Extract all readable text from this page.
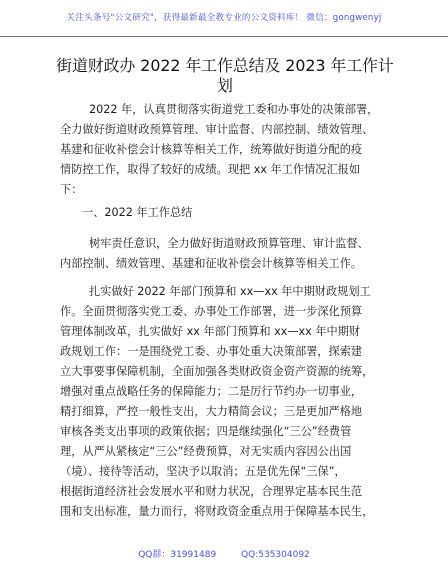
关注头条号"公文研究"，获得最新最全教专业的公文资料库！ 微信：gongwenyj
街道财政办 2022 年工作总结及 2023 年工作计
划
2022 年，认真贯彻落实街道党工委和办事处的决策部署，
全力做好街道财政预算管理、审计监督、内部控制、绩效管理、
基建和征收补偿会计核算等相关工作，统筹做好街道分配的疫
情防控工作，取得了较好的成绩。现把 xx 年工作情况汇报如
下：
一、2022 年工作总结
树牢责任意识，全力做好街道财政预算管理、审计监督、
内部控制、绩效管理、基建和征收补偿会计核算等相关工作。
扎实做好 2022 年部门预算和 xx—xx 年中期财政规划工
作。全面贯彻落实党工委、办事处工作部署，进一步深化预算
管理体制改革，扎实做好 xx 年部门预算和 xx—xx 年中期财
政规划工作：一是围绕党工委、办事处重大决策部署，探索建
立大事要事保障机制，全面加强各类财政资金资产资源的统筹，
增强对重点战略任务的保障能力；二是厉行节约办一切事业，
精打细算，严控一般性支出，大力精简会议；三是更加严格地
审核各类支出事项的政策依据；四是继续强化“三公”经费管
理，从严从紧核定“三公”经费预算，对无实质内容因公出国
（境）、接待等活动，坚决予以取消；五是优先保“三保”，
根据街道经济社会发展水平和财力状况，合理界定基本民生范
围和支出标准，量力而行，将财政资金重点用于保障基本民生，
QQ群：31991489	QQ:535304092
